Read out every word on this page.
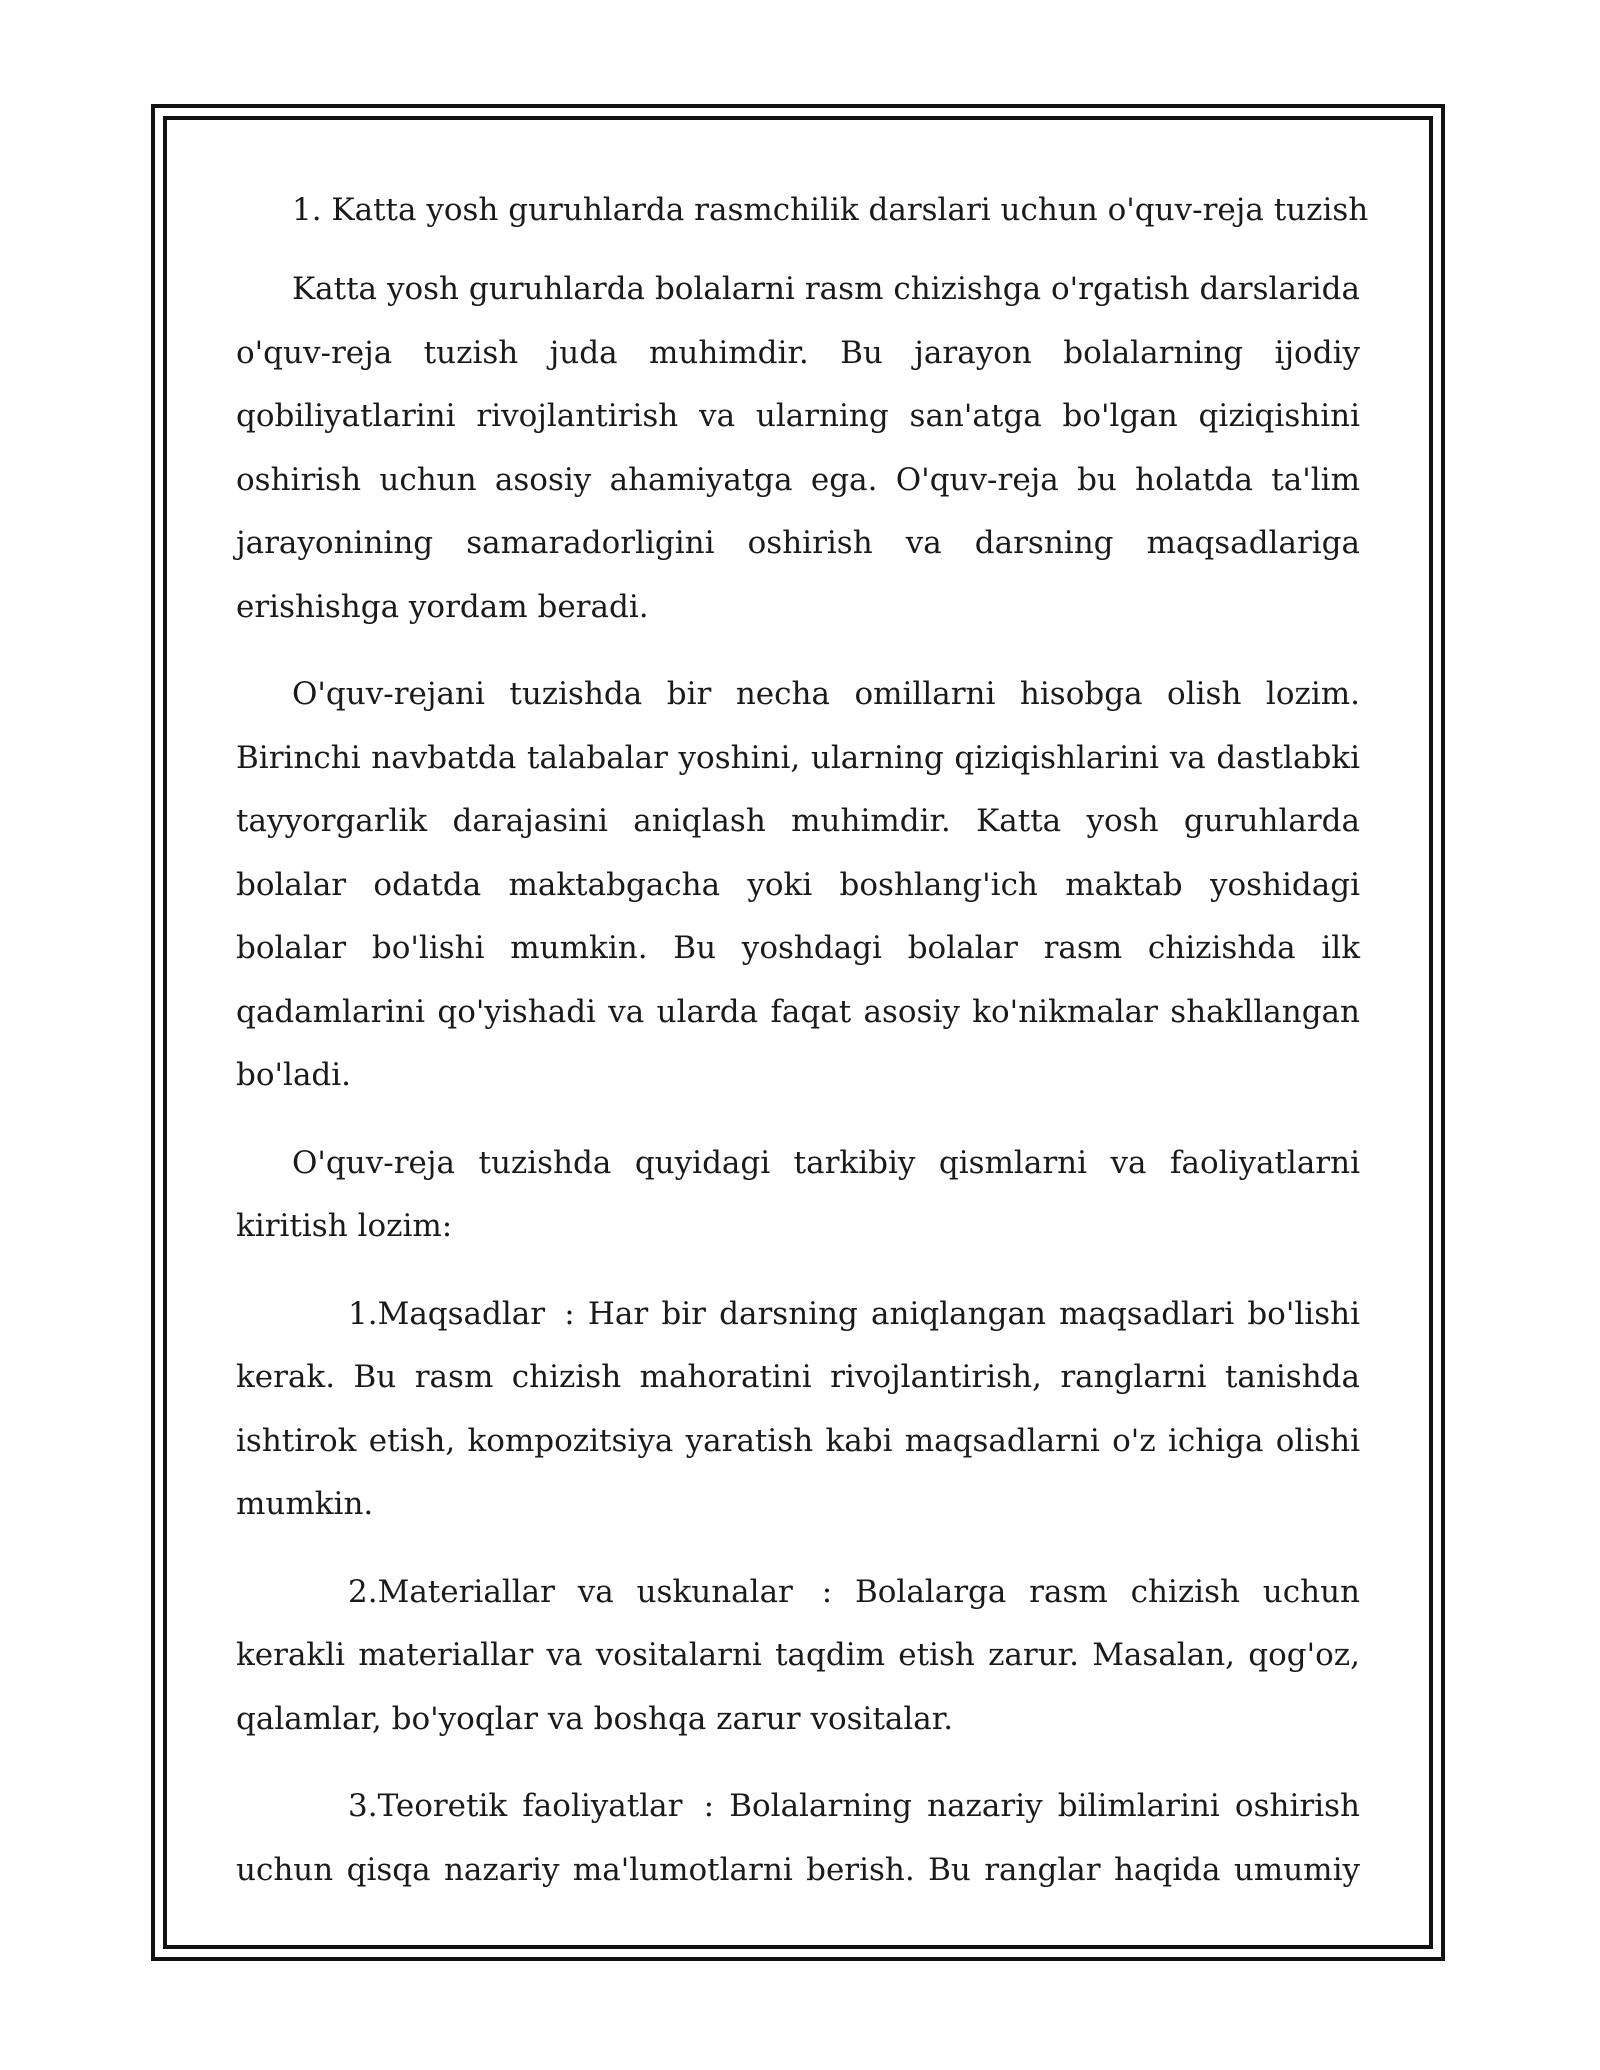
1. Katta yosh guruhlarda rasmchilik darslari uchun o'quv-reja tuzish

Katta yosh guruhlarda bolalarni rasm chizishga o'rgatish darslarida o'quv-reja tuzish juda muhimdir. Bu jarayon bolalarning ijodiy qobiliyatlarini rivojlantirish va ularning san'atga bo'lgan qiziqishini oshirish uchun asosiy ahamiyatga ega. O'quv-reja bu holatda ta'lim jarayonining samaradorligini oshirish va darsning maqsadlariga erishishga yordam beradi.

O'quv-rejani tuzishda bir necha omillarni hisobga olish lozim. Birinchi navbatda talabalar yoshini, ularning qiziqishlarini va dastlabki tayyorgarlik darajasini aniqlash muhimdir. Katta yosh guruhlarda bolalar odatda maktabgacha yoki boshlang'ich maktab yoshidagi bolalar bo'lishi mumkin. Bu yoshdagi bolalar rasm chizishda ilk qadamlarini qo'yishadi va ularda faqat asosiy ko'nikmalar shakllangan bo'ladi.

O'quv-reja tuzishda quyidagi tarkibiy qismlarni va faoliyatlarni kiritish lozim:

1.Maqsadlar : Har bir darsning aniqlangan maqsadlari bo'lishi kerak. Bu rasm chizish mahoratini rivojlantirish, ranglarni tanishda ishtirok etish, kompozitsiya yaratish kabi maqsadlarni o'z ichiga olishi mumkin.

2.Materiallar va uskunalar : Bolalarga rasm chizish uchun kerakli materiallar va vositalarni taqdim etish zarur. Masalan, qog'oz, qalamlar, bo'yoqlar va boshqa zarur vositalar.

3.Teoretik faoliyatlar : Bolalarning nazariy bilimlarini oshirish uchun qisqa nazariy ma'lumotlarni berish. Bu ranglar haqida umumiy
